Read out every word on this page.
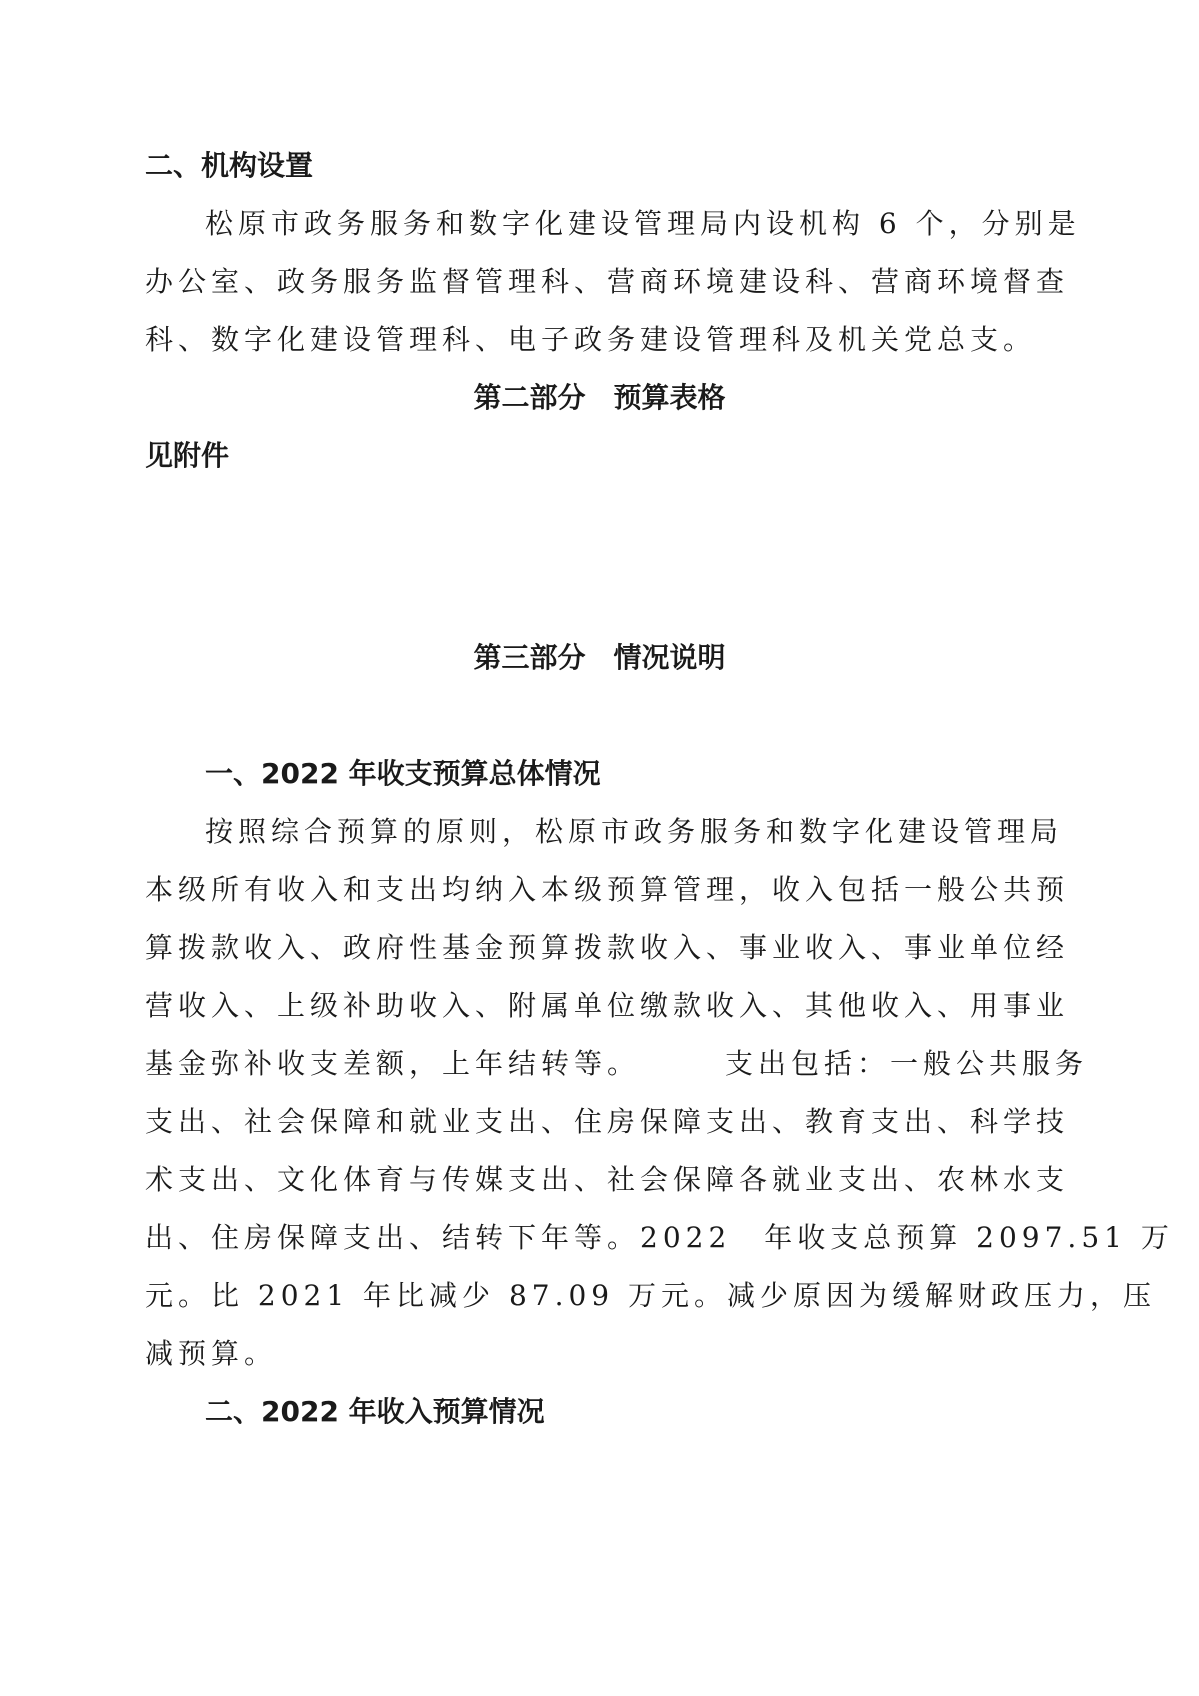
二、机构设置
松原市政务服务和数字化建设管理局内设机构 6 个，分别是
办公室、政务服务监督管理科、营商环境建设科、营商环境督查
科、数字化建设管理科、电子政务建设管理科及机关党总支。
第二部分　预算表格
见附件
第三部分　情况说明
一、2022 年收支预算总体情况
按照综合预算的原则，松原市政务服务和数字化建设管理局
本级所有收入和支出均纳入本级预算管理，收入包括一般公共预
算拨款收入、政府性基金预算拨款收入、事业收入、事业单位经
营收入、上级补助收入、附属单位缴款收入、其他收入、用事业
基金弥补收支差额，上年结转等。　　　支出包括：一般公共服务
支出、社会保障和就业支出、住房保障支出、教育支出、科学技
术支出、文化体育与传媒支出、社会保障各就业支出、农林水支
出、住房保障支出、结转下年等。2022　年收支总预算 2097.51 万
元。比 2021 年比减少 87.09 万元。减少原因为缓解财政压力，压
减预算。
二、2022 年收入预算情况
